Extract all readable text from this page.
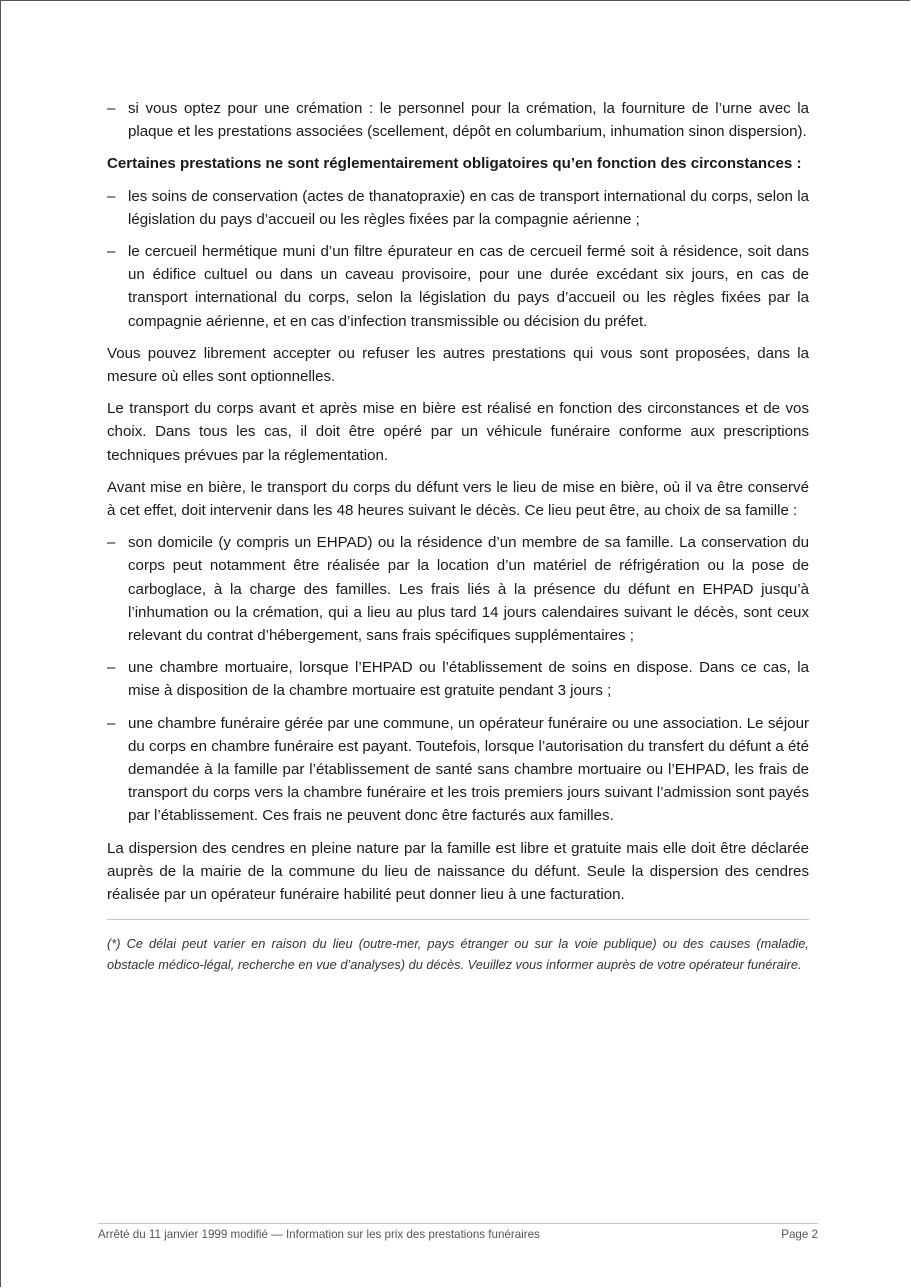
– si vous optez pour une crémation : le personnel pour la crémation, la fourniture de l’urne avec la plaque et les prestations associées (scellement, dépôt en columbarium, inhumation sinon dispersion).
Certaines prestations ne sont réglementairement obligatoires qu’en fonction des circonstances :
– les soins de conservation (actes de thanatopraxie) en cas de transport international du corps, selon la législation du pays d’accueil ou les règles fixées par la compagnie aérienne ;
– le cercueil hermétique muni d’un filtre épurateur en cas de cercueil fermé soit à résidence, soit dans un édifice cultuel ou dans un caveau provisoire, pour une durée excédant six jours, en cas de transport international du corps, selon la législation du pays d’accueil ou les règles fixées par la compagnie aérienne, et en cas d’infection transmissible ou décision du préfet.
Vous pouvez librement accepter ou refuser les autres prestations qui vous sont proposées, dans la mesure où elles sont optionnelles.
Le transport du corps avant et après mise en bière est réalisé en fonction des circonstances et de vos choix. Dans tous les cas, il doit être opéré par un véhicule funéraire conforme aux prescriptions techniques prévues par la réglementation.
Avant mise en bière, le transport du corps du défunt vers le lieu de mise en bière, où il va être conservé à cet effet, doit intervenir dans les 48 heures suivant le décès. Ce lieu peut être, au choix de sa famille :
– son domicile (y compris un EHPAD) ou la résidence d’un membre de sa famille. La conservation du corps peut notamment être réalisée par la location d’un matériel de réfrigération ou la pose de carboglace, à la charge des familles. Les frais liés à la présence du défunt en EHPAD jusqu’à l’inhumation ou la crémation, qui a lieu au plus tard 14 jours calendaires suivant le décès, sont ceux relevant du contrat d’hébergement, sans frais spécifiques supplémentaires ;
– une chambre mortuaire, lorsque l’EHPAD ou l’établissement de soins en dispose. Dans ce cas, la mise à disposition de la chambre mortuaire est gratuite pendant 3 jours ;
– une chambre funéraire gérée par une commune, un opérateur funéraire ou une association. Le séjour du corps en chambre funéraire est payant. Toutefois, lorsque l’autorisation du transfert du défunt a été demandée à la famille par l’établissement de santé sans chambre mortuaire ou l’EHPAD, les frais de transport du corps vers la chambre funéraire et les trois premiers jours suivant l’admission sont payés par l’établissement. Ces frais ne peuvent donc être facturés aux familles.
La dispersion des cendres en pleine nature par la famille est libre et gratuite mais elle doit être déclarée auprès de la mairie de la commune du lieu de naissance du défunt. Seule la dispersion des cendres réalisée par un opérateur funéraire habilité peut donner lieu à une facturation.
(*) Ce délai peut varier en raison du lieu (outre-mer, pays étranger ou sur la voie publique) ou des causes (maladie, obstacle médico-légal, recherche en vue d’analyses) du décès. Veuillez vous informer auprès de votre opérateur funéraire.
Arrêté du 11 janvier 1999 modifié — Information sur les prix des prestations funéraires	Page 2
